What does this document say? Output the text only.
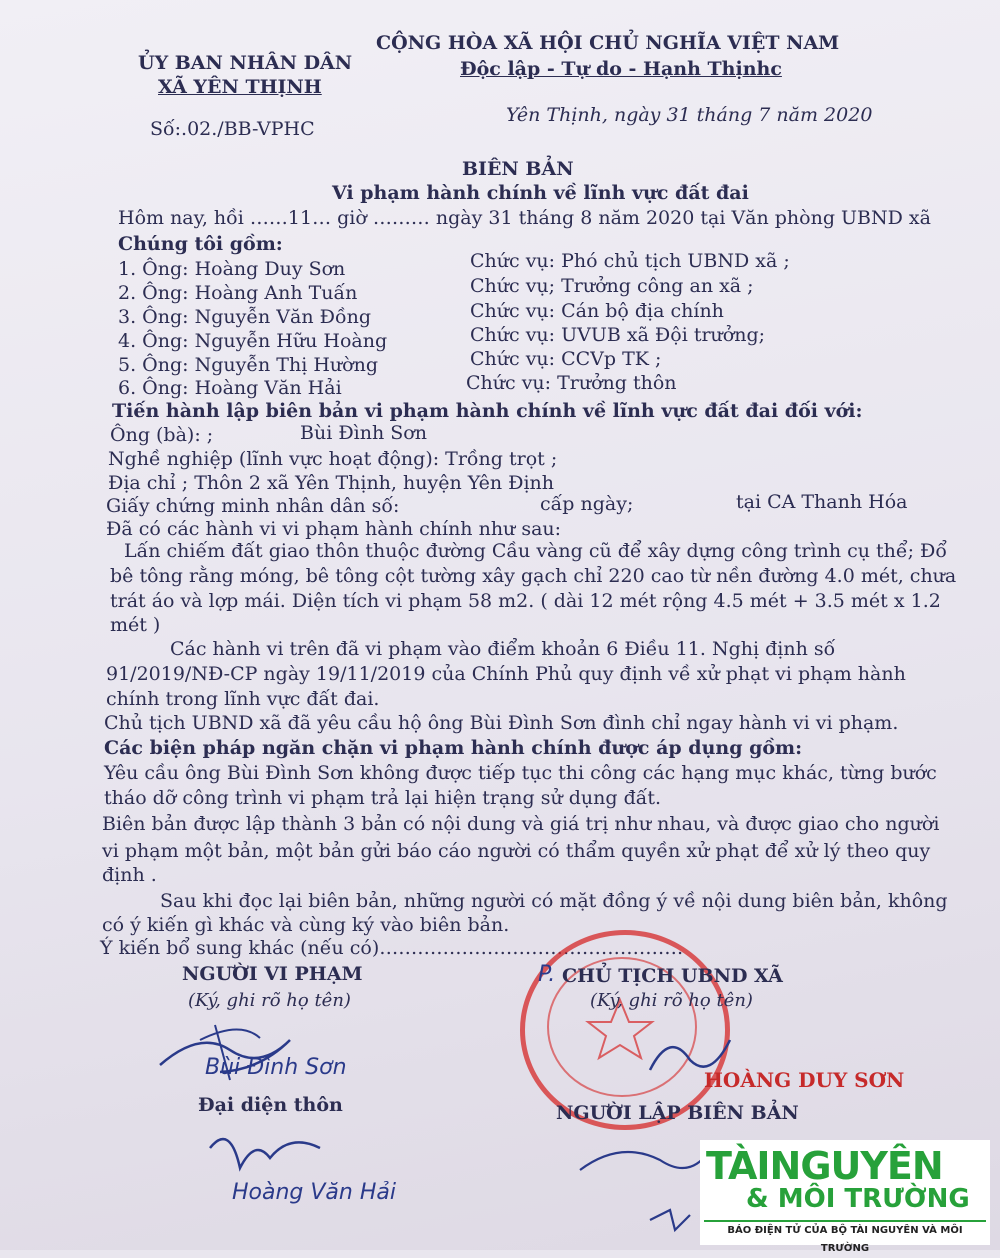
ỦY BAN NHÂN DÂN
XÃ YÊN THỊNH
Số:.02./BB-VPHC
CỘNG HÒA XÃ HỘI CHỦ NGHĨA VIỆT NAM
Độc lập - Tự do - Hạnh Thịnhc
Yên Thịnh, ngày 31 tháng 7 năm 2020
BIÊN BẢN
Vi phạm hành chính về lĩnh vực đất đai
Hôm nay, hồi ……11… giờ ……… ngày 31 tháng 8 năm 2020 tại Văn phòng UBND xã
Chúng tôi gồm:
1. Ông: Hoàng Duy Sơn	Chức vụ: Phó chủ tịch UBND xã ;
2. Ông: Hoàng Anh Tuấn	Chức vụ; Trưởng công an xã ;
3. Ông: Nguyễn Văn Đồng	Chức vụ: Cán bộ địa chính
4. Ông: Nguyễn Hữu Hoàng	Chức vụ: UVUB xã Đội trưởng;
5. Ông: Nguyễn Thị Hường	Chức vụ: CCVp TK ;
6. Ông: Hoàng Văn Hải	Chức vụ: Trưởng thôn
Tiến hành lập biên bản vi phạm hành chính về lĩnh vực đất đai đối với:
Ông (bà): ;	Bùi Đình Sơn
Nghề nghiệp (lĩnh vực hoạt động): Trồng trọt ;
Địa chỉ ; Thôn 2 xã Yên Thịnh, huyện Yên Định
Giấy chứng minh nhân dân số:	cấp ngày;	tại CA Thanh Hóa
Đã có các hành vi vi phạm hành chính như sau:
Lấn chiếm đất giao thôn thuộc đường Cầu vàng cũ để xây dựng công trình cụ thể; Đổ
bê tông rằng móng, bê tông cột tường xây gạch chỉ 220 cao từ nền đường 4.0 mét, chưa
trát áo và lợp mái. Diện tích vi phạm 58 m2. ( dài 12 mét rộng 4.5 mét + 3.5 mét x 1.2
mét )
Các hành vi trên đã vi phạm vào điểm khoản 6 Điều 11. Nghị định số
91/2019/NĐ-CP ngày 19/11/2019 của Chính Phủ quy định về xử phạt vi phạm hành
chính trong lĩnh vực đất đai.
Chủ tịch UBND xã đã yêu cầu hộ ông Bùi Đình Sơn đình chỉ ngay hành vi vi phạm.
Các biện pháp ngăn chặn vi phạm hành chính được áp dụng gồm:
Yêu cầu ông Bùi Đình Sơn không được tiếp tục thi công các hạng mục khác, từng bước
tháo dỡ công trình vi phạm trả lại hiện trạng sử dụng đất.
Biên bản được lập thành 3 bản có nội dung và giá trị như nhau, và được giao cho người
vi phạm một bản, một bản gửi báo cáo người có thẩm quyền xử phạt để xử lý theo quy
định .
Sau khi đọc lại biên bản, những người có mặt đồng ý về nội dung biên bản, không
có ý kiến gì khác và cùng ký vào biên bản.
Ý kiến bổ sung khác (nếu có)…………………………………………
NGƯỜI VI PHẠM
(Ký, ghi rõ họ tên)
Bùi Đình Sơn
Đại diện thôn
Hoàng Văn Hải
P. CHỦ TỊCH UBND XÃ
(Ký, ghi rõ họ tên)
HOÀNG DUY SƠN
NGƯỜI LẬP BIÊN BẢN
TÀINGUYÊN
& MÔI TRƯỜNG
BÁO ĐIỆN TỬ CỦA BỘ TÀI NGUYÊN VÀ MÔI TRƯỜNG
